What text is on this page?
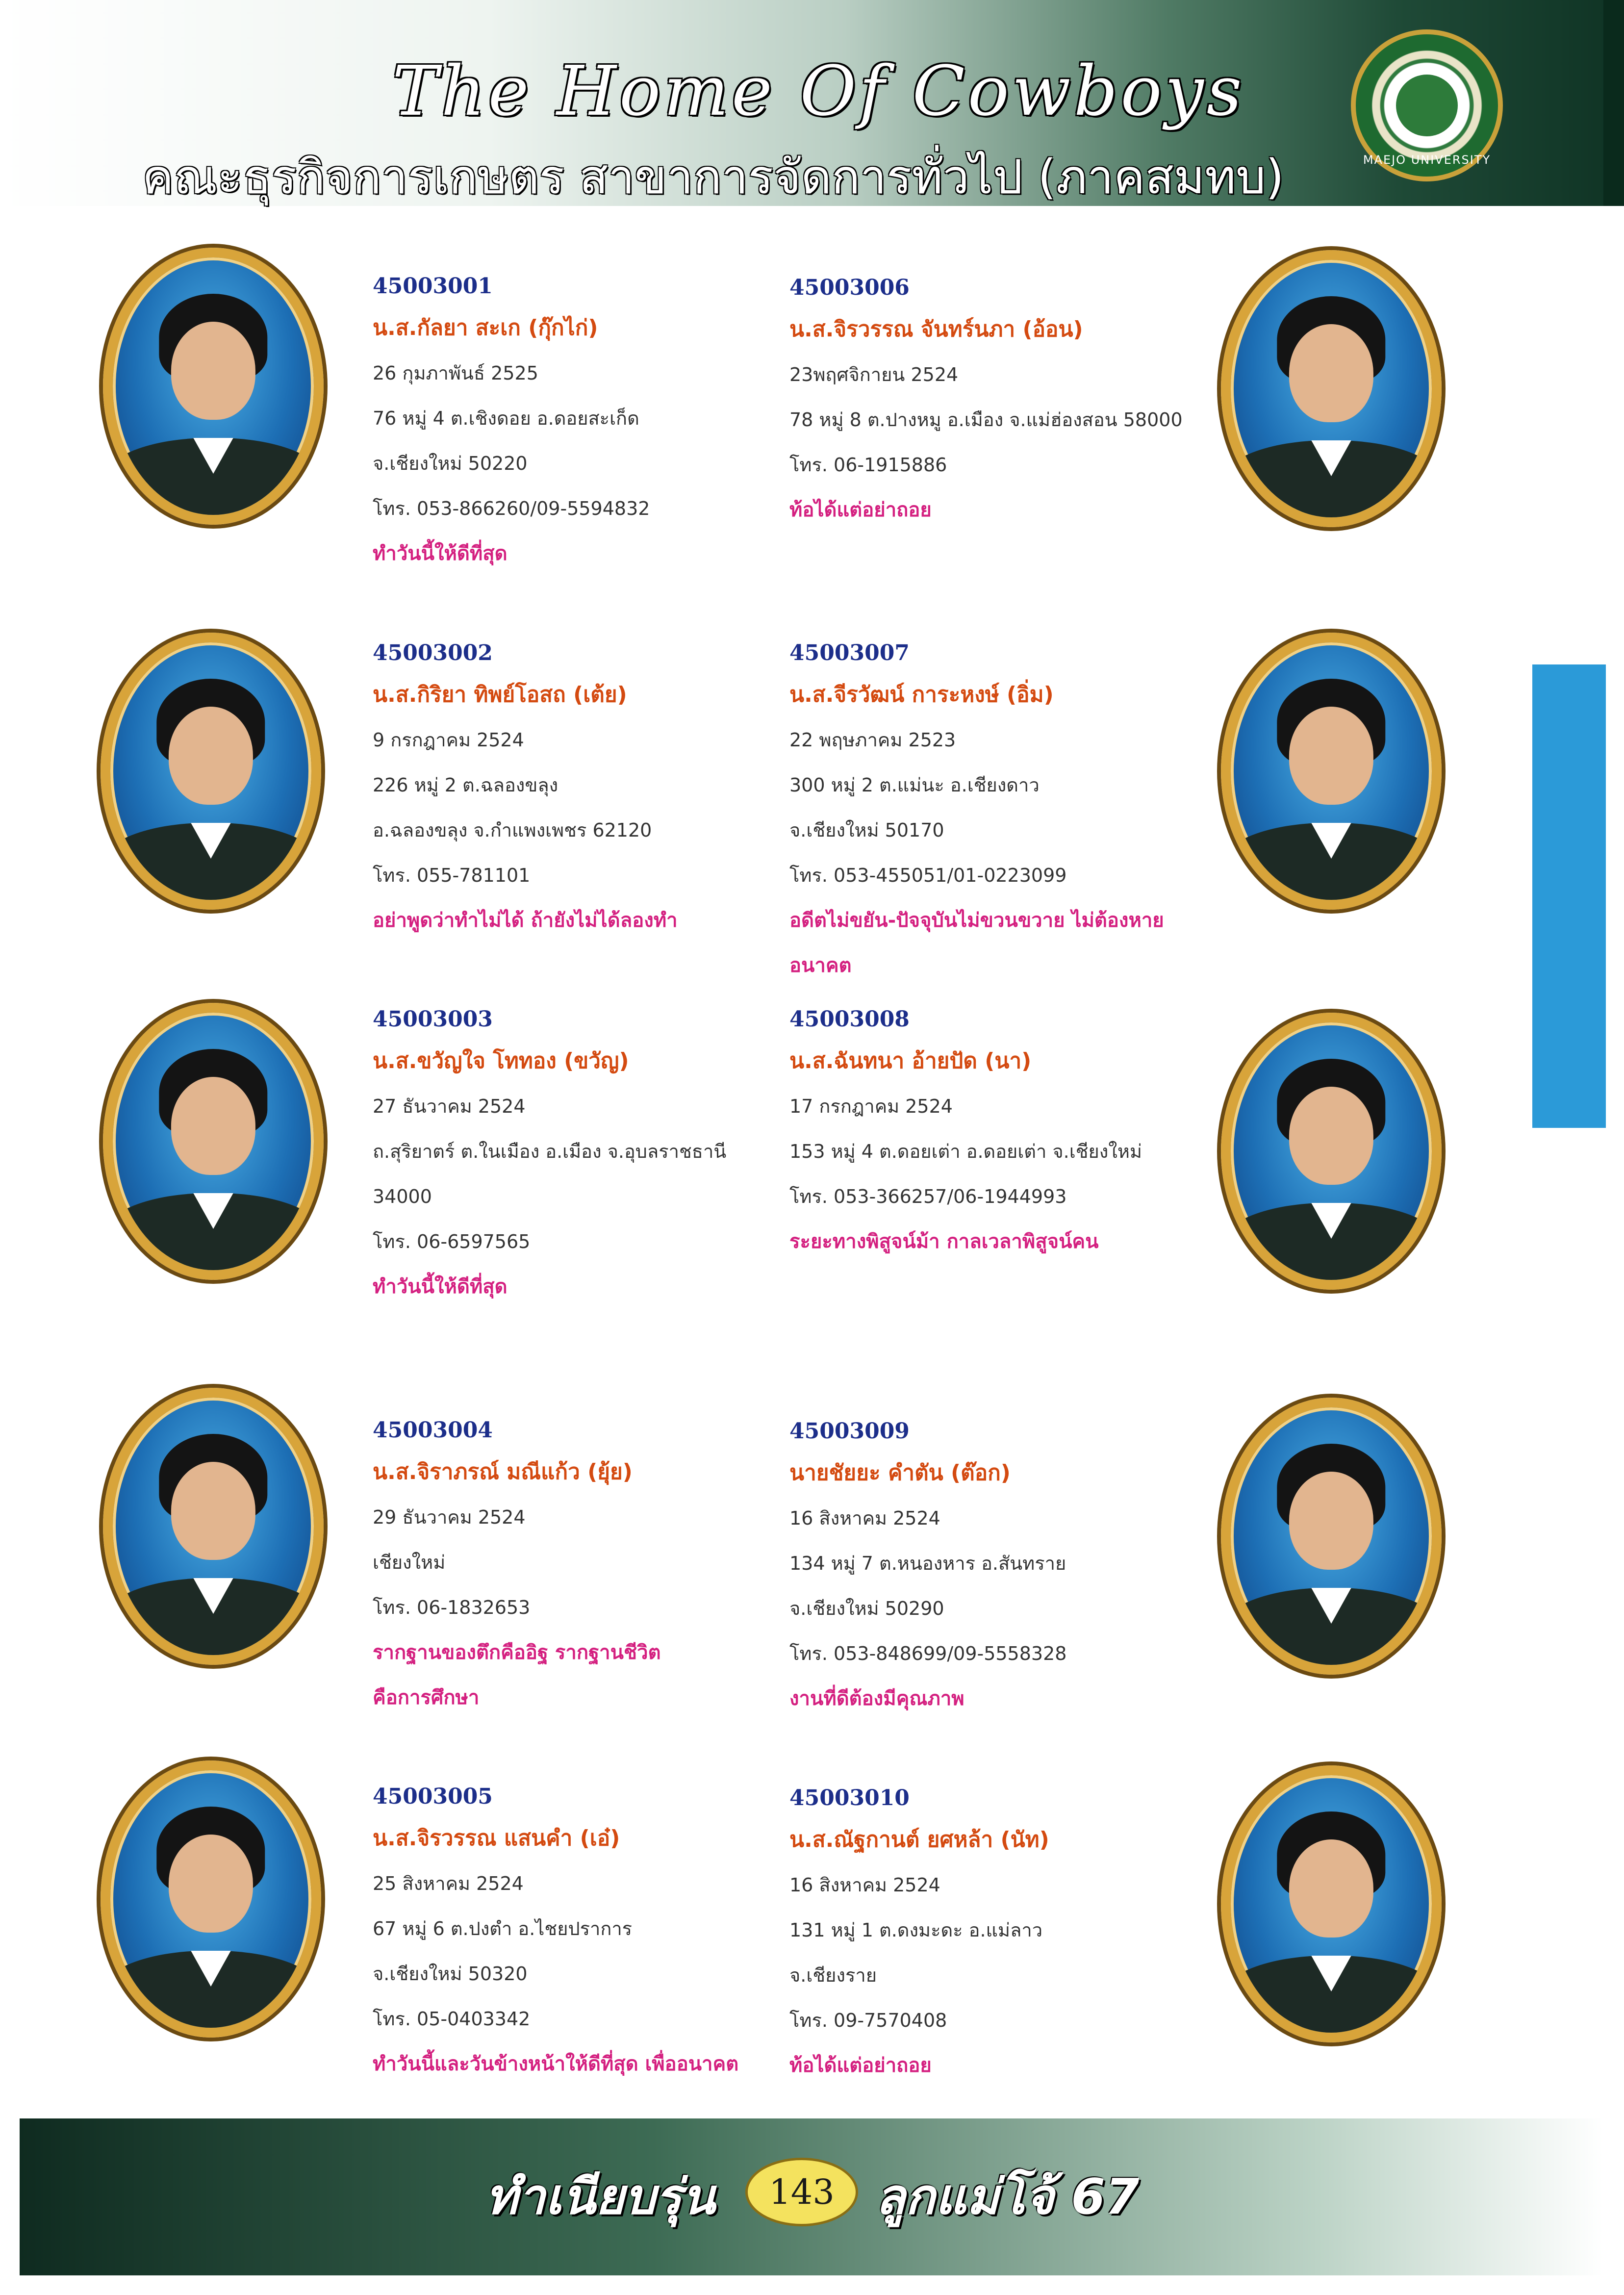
The Home Of Cowboys
คณะธุรกิจการเกษตร สาขาการจัดการทั่วไป (ภาคสมทบ)	MAEJO UNIVERSITY
45003001
น.ส.กัลยา สะเก (กุ๊กไก่)
26 กุมภาพันธ์ 2525
76 หมู่ 4 ต.เชิงดอย อ.ดอยสะเก็ด
จ.เชียงใหม่ 50220
โทร. 053-866260/09-5594832
ทำวันนี้ให้ดีที่สุด
45003006
น.ส.จิรวรรณ จันทร์นภา (อ้อน)
23พฤศจิกายน 2524
78 หมู่ 8 ต.ปางหมู อ.เมือง จ.แม่ฮ่องสอน 58000
โทร. 06-1915886
ท้อได้แต่อย่าถอย
45003002
น.ส.กิริยา ทิพย์โอสถ (เต้ย)
9 กรกฎาคม 2524
226 หมู่ 2 ต.ฉลองขลุง
อ.ฉลองขลุง จ.กำแพงเพชร 62120
โทร. 055-781101
อย่าพูดว่าทำไม่ได้ ถ้ายังไม่ได้ลองทำ
45003007
น.ส.จีรวัฒน์ การะหงษ์ (อิ่ม)
22 พฤษภาคม 2523
300 หมู่ 2 ต.แม่นะ อ.เชียงดาว
จ.เชียงใหม่ 50170
โทร. 053-455051/01-0223099
อดีตไม่ขยัน-ปัจจุบันไม่ขวนขวาย ไม่ต้องหาย
อนาคต
45003003
น.ส.ขวัญใจ โททอง (ขวัญ)
27 ธันวาคม 2524
ถ.สุริยาตร์ ต.ในเมือง อ.เมือง จ.อุบลราชธานี
34000
โทร. 06-6597565
ทำวันนี้ให้ดีที่สุด
45003008
น.ส.ฉันทนา อ้ายปัด (นา)
17 กรกฎาคม 2524
153 หมู่ 4 ต.ดอยเต่า อ.ดอยเต่า จ.เชียงใหม่
โทร. 053-366257/06-1944993
ระยะทางพิสูจน์ม้า กาลเวลาพิสูจน์คน
45003004
น.ส.จิราภรณ์ มณีแก้ว (ยุ้ย)
29 ธันวาคม 2524
เชียงใหม่
โทร. 06-1832653
รากฐานของตึกคืออิฐ รากฐานชีวิต
คือการศึกษา
45003009
นายชัยยะ คำตัน (ต๊อก)
16 สิงหาคม 2524
134 หมู่ 7 ต.หนองหาร อ.สันทราย
จ.เชียงใหม่ 50290
โทร. 053-848699/09-5558328
งานที่ดีต้องมีคุณภาพ
45003005
น.ส.จิรวรรณ แสนคำ (เอ๋)
25 สิงหาคม 2524
67 หมู่ 6 ต.ปงตำ อ.ไชยปราการ
จ.เชียงใหม่ 50320
โทร. 05-0403342
ทำวันนี้และวันข้างหน้าให้ดีที่สุด เพื่ออนาคต
45003010
น.ส.ณัฐกานต์ ยศหล้า (นัท)
16 สิงหาคม 2524
131 หมู่ 1 ต.ดงมะดะ อ.แม่ลาว
จ.เชียงราย
โทร. 09-7570408
ท้อได้แต่อย่าถอย
ทำเนียบรุ่น	143 ลูกแม่โจ้ 67
